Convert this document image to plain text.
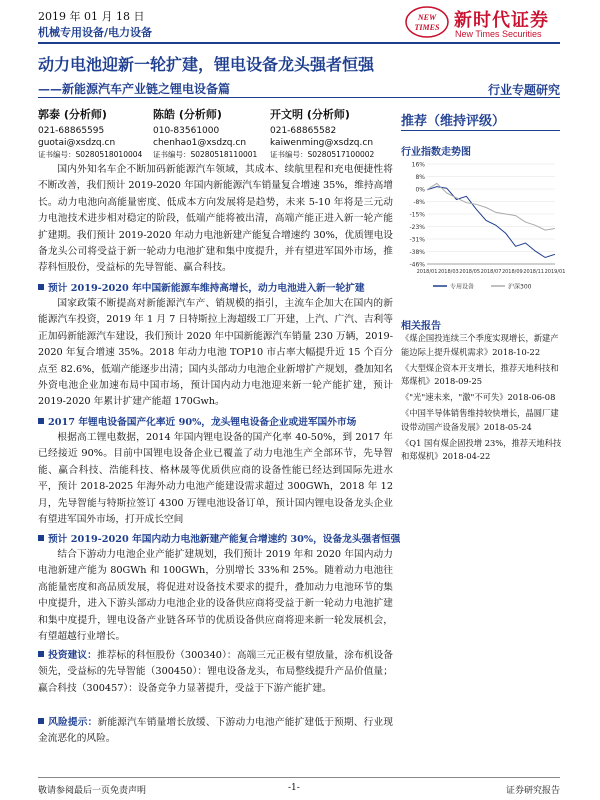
2019 年 01 月 18 日
机械专用设备/电力设备
NEW
TIMES 新时代证券
New Times Securities
动力电池迎新一轮扩建，锂电设备龙头强者恒强
——新能源汽车产业链之锂电设备篇	行业专题研究
郭泰 (分析师)
021-68865595
guotai@xsdzq.cn
证书编号：S0280518010004
陈皓 (分析师)
010-83561000
chenhao1@xsdzq.cn
证书编号：S0280518110001
开文明 (分析师)
021-68865582
kaiwenming@xsdzq.cn
证书编号：S0280517100002
推荐（维持评级）

国内外知名车企不断加码新能源汽车领域，其成本、续航里程和充电便捷性将不断改善，我们预计 2019-2020 年国内新能源汽车销量复合增速 35%，维持高增长。动力电池向高能量密度、低成本方向发展将是趋势，未来 5-10 年将是三元动力电池技术进步相对稳定的阶段，低端产能将被出清，高端产能正进入新一轮产能扩建期。我们预计 2019-2020 年动力电池新建产能复合增速约 30%，优质锂电设备龙头公司将受益于新一轮动力电池扩建和集中度提升，并有望进军国外市场，推荐科恒股份，受益标的先导智能、赢合科技。

预计 2019-2020 年中国新能源车维持高增长，动力电池进入新一轮扩建

国家政策不断提高对新能源汽车产、销规模的指引，主流车企加大在国内的新能源汽车投资，2019 年 1 月 7 日特斯拉上海超级工厂开建，上汽、广汽、吉利等正加码新能源汽车建设，我们预计 2020 年中国新能源汽车销量 230 万辆，2019-2020 年复合增速 35%。2018 年动力电池 TOP10 市占率大幅提升近 15 个百分点至 82.6%，低端产能逐步出清；国内头部动力电池企业新增扩产规划，叠加知名外资电池企业加速布局中国市场，预计国内动力电池迎来新一轮产能扩建，预计 2019-2020 年累计扩建产能超 170Gwh。

2017 年锂电设备国产化率近 90%，龙头锂电设备企业或进军国外市场

根据高工锂电数据，2014 年国内锂电设备的国产化率 40-50%，到 2017 年已经接近 90%。目前中国锂电设备企业已覆盖了动力电池生产全部环节，先导智能、赢合科技、浩能科技、格林晟等优质供应商的设备性能已经达到国际先进水平，预计 2018-2025 年海外动力电池产能建设需求超过 300GWh，2018 年 12 月，先导智能与特斯拉签订 4300 万锂电池设备订单，预计国内锂电设备龙头企业有望进军国外市场，打开成长空间

预计 2019-2020 年国内动力电池新建产能复合增速约 30%，设备龙头强者恒强

结合下游动力电池企业产能扩建规划，我们预计 2019 年和 2020 年国内动力电池新建产能为 80GWh 和 100GWh，分别增长 33%和 25%。随着动力电池往高能量密度和高品质发展，将促进对设备技术要求的提升，叠加动力电池环节的集中度提升，进入下游头部动力电池企业的设备供应商将受益于新一轮动力电池扩建和集中度提升，锂电设备产业链各环节的优质设备供应商将迎来新一轮发展机会，有望超越行业增长。

投资建议：推荐标的科恒股份（300340）：高端三元正极有望放量，涂布机设备领先，受益标的先导智能（300450）：锂电设备龙头，布局整线提升产品价值量；赢合科技（300457）：设备竞争力显著提升，受益于下游产能扩建。
风险提示：新能源汽车销量增长放缓、下游动力电池产能扩建低于预期、行业现金流恶化的风险。
行业指数走势图
16%
8%
0%
-8%
-15%
-23%
-31%
-38%
-46%
2018/01 2018/03 2018/05 2018/07 2018/09 2018/11 2019/01
专用设备	沪深300
相关报告
《煤企国投连续三个季度实现增长，新建产能边际上提升煤机需求》2018-10-22
《大型煤企资本开支增长，推荐天地科技和郑煤机》2018-09-25
《"光"速未来，"激"不可失》2018-06-08
《中国半导体销售维持较快增长，晶圆厂建设带动国产设备发展》2018-05-24
《Q1 国有煤企固投增 23%，推荐天地科技和郑煤机》2018-04-22
敬请参阅最后一页免责声明	-1-	证券研究报告
